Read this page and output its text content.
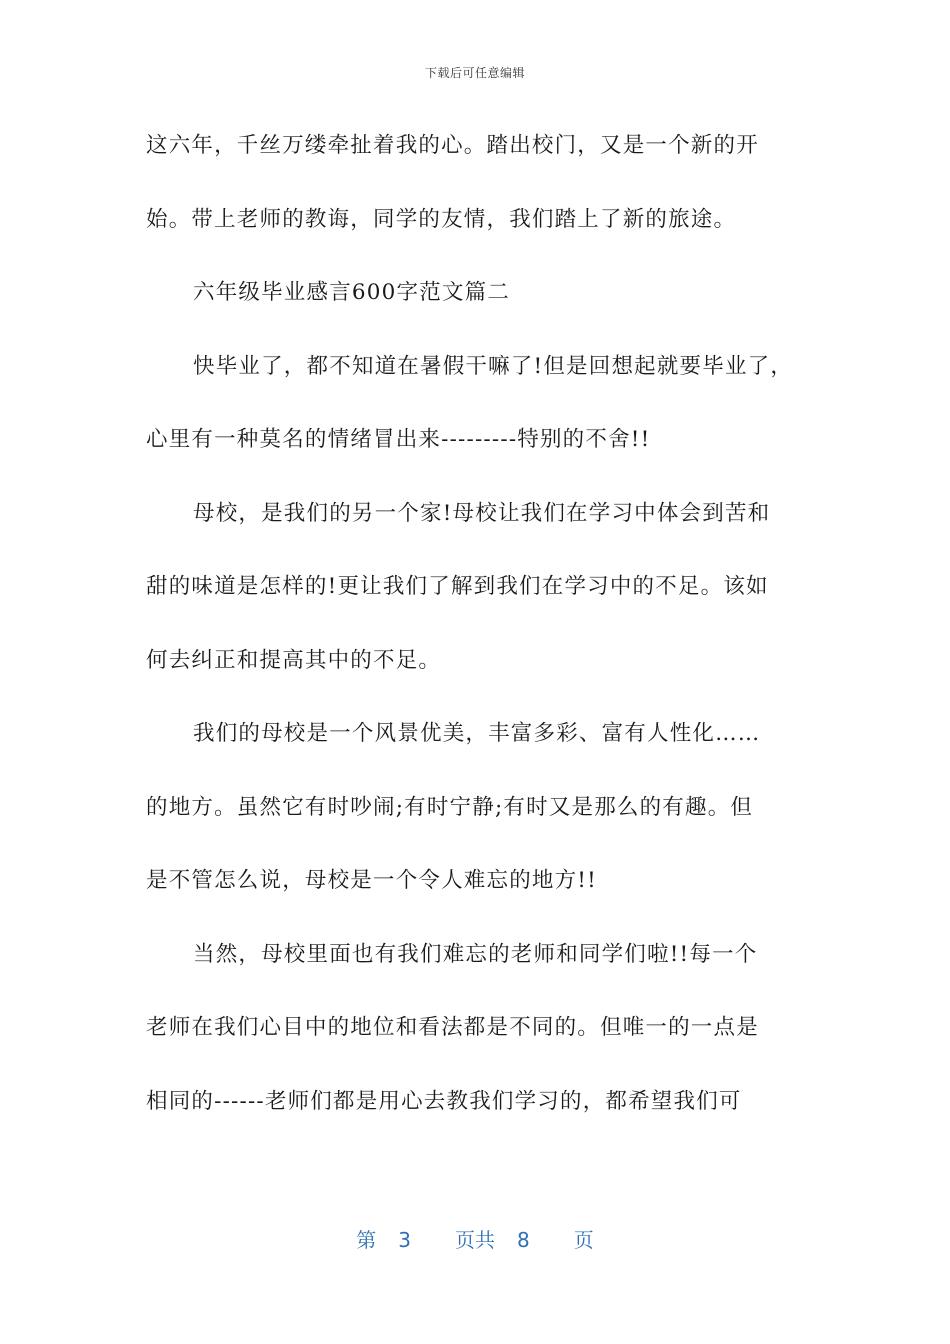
下载后可任意编辑
这六年，千丝万缕牵扯着我的心。踏出校门，又是一个新的开
始。带上老师的教诲，同学的友情，我们踏上了新的旅途。
六年级毕业感言600字范文篇二
快毕业了，都不知道在暑假干嘛了!但是回想起就要毕业了，
心里有一种莫名的情绪冒出来---------特别的不舍!!
母校，是我们的另一个家!母校让我们在学习中体会到苦和
甜的味道是怎样的!更让我们了解到我们在学习中的不足。该如
何去纠正和提高其中的不足。
我们的母校是一个风景优美，丰富多彩、富有人性化……
的地方。虽然它有时吵闹;有时宁静;有时又是那么的有趣。但
是不管怎么说，母校是一个令人难忘的地方!!
当然，母校里面也有我们难忘的老师和同学们啦!!每一个
老师在我们心目中的地位和看法都是不同的。但唯一的一点是
相同的------老师们都是用心去教我们学习的，都希望我们可
第 3 页共 8 页
